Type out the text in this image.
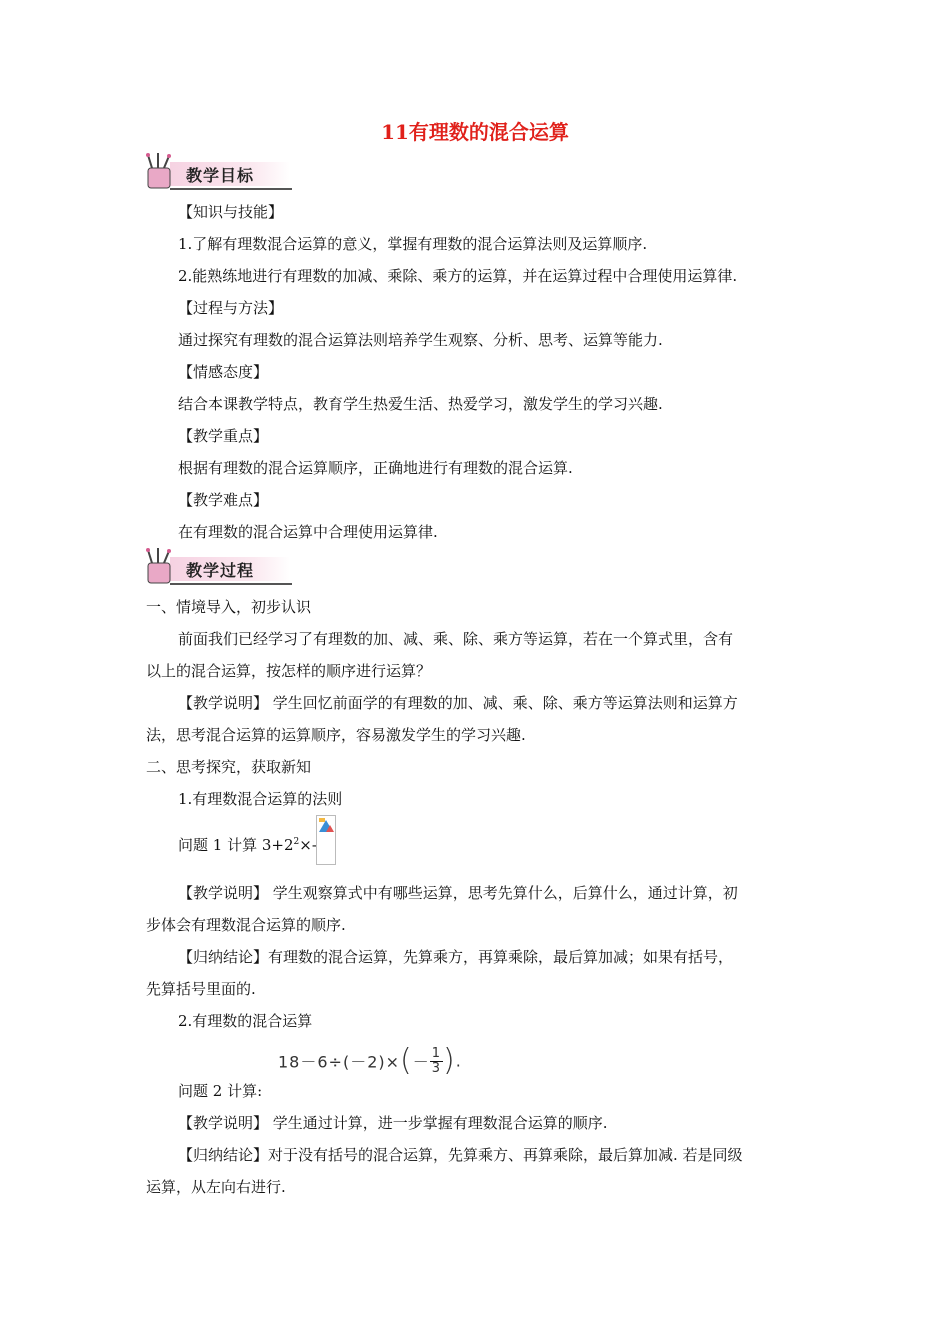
11有理数的混合运算
教学目标
【知识与技能】
1.了解有理数混合运算的意义，掌握有理数的混合运算法则及运算顺序.
2.能熟练地进行有理数的加减、乘除、乘方的运算，并在运算过程中合理使用运算律.
【过程与方法】
通过探究有理数的混合运算法则培养学生观察、分析、思考、运算等能力.
【情感态度】
结合本课教学特点，教育学生热爱生活、热爱学习，激发学生的学习兴趣.
【教学重点】
根据有理数的混合运算顺序，正确地进行有理数的混合运算.
【教学难点】
在有理数的混合运算中合理使用运算律.
教学过程
一、情境导入，初步认识
前面我们已经学习了有理数的加、减、乘、除、乘方等运算，若在一个算式里，含有
以上的混合运算，按怎样的顺序进行运算？
【教学说明】 学生回忆前面学的有理数的加、减、乘、除、乘方等运算法则和运算方
法，思考混合运算的运算顺序，容易激发学生的学习兴趣.
二、思考探究，获取新知
1.有理数混合运算的法则
问题 1 计算 $3+2^2\times-$
【教学说明】 学生观察算式中有哪些运算，思考先算什么，后算什么，通过计算，初
步体会有理数混合运算的顺序.
【归纳结论】有理数的混合运算，先算乘方，再算乘除，最后算加减；如果有括号，
先算括号里面的.
2.有理数的混合运算
$18-6\div(-2)\times(- \frac{1}{3}$ ).
问题 2 计算:
【教学说明】 学生通过计算，进一步掌握有理数混合运算的顺序.
【归纳结论】对于没有括号的混合运算，先算乘方、再算乘除，最后算加减. 若是同级
运算，从左向右进行.
